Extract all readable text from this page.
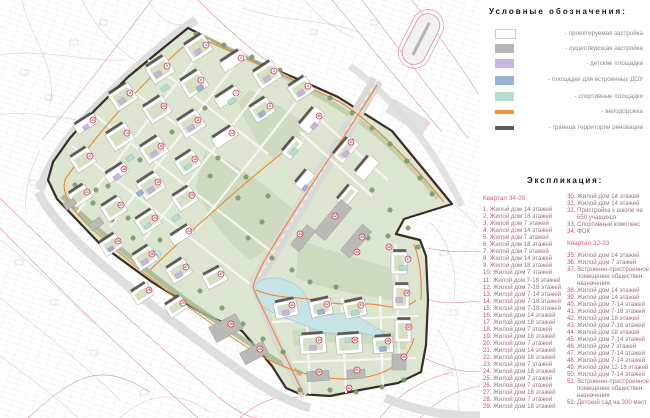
1
2
3
4
5
6
7
8
9
10
11
12
13
14
15
16
17
18
19
20
21
22
23
24
25
26
27
28
29
30
31
32
33
34
35
36
37
38
39
40
41	42	43
44	45	46
47
48
49
50	51
52
Условные обозначения:
- проектируемая застройка
- существующая застройка
- детские площадки
- площадки для встроенных ДОУ
- спортивные площадки
- велодорожка
- граница территории реновации
Экспликация:
Квартал 34-35
1. Жилой дом 14 этажей
2. Жилой дом 18 этажей
3. Жилой дом 7 этажей
4. Жилой дом 14 этажей
5. Жилой дом 7 этажей
6. Жилой дом 18 этажей
7. Жилой дом 7 этажей
8. Жилой дом 14 этажей
9. Жилой дом 18 этажей
10. Жилой дом 7 этажей
11. Жилой дом 7-18 этажей
12. Жилой дом 7-18 этажей
13. Жилой дом 7-14 этажей
14. Жилой дом 7-18 этажей
15. Жилой дом 7-18 этажей
16. Жилой дом 14 этажей
17. Жилой дом 18 этажей
18. Жилой дом 7 этажей
19. Жилой дом 18 этажей
20. Жилой дом 7 этажей
21. Жилой дом 14 этажей
22. Жилой дом 18 этажей
23. Жилой дом 7 этажей
24. Жилой дом 18 этажей
25. Жилой дом 7 этажей
26. Жилой дом 7 этажей
27. Жилой дом 18 этажей
28. Жилой дом 7 этажей
29. Жилой дом 18 этажей
30. Жилой дом 14 этажей
31. Жилой дом 14 этажей
32. Пристройка к школе на 550 учащихся
33. Спортивный комплекс
34. ФОК
Квартал 32-33
35. Жилой дом 14 этажей
36. Жилой дом 7 этажей
37. Встроенно-пристроенное помещение обществен. назначения
38. Жилой дом 14 этажей
39. Жилой дом 14 этажей
40. Жилой дом 7-14 этажей
41. Жилой дом 7-18 этажей
42. Жилой дом 18 этажей
43. Жилой дом 7-18 этажей
44. Жилой дом 18 этажей
45. Жилой дом 7-14 этажей
46. Жилой дом 7 этажей
47. Жилой дом 7-14 этажей
48. Жилой дом 7-14 этажей
49. Жилой дом 12-18 этажей
50. Жилой дом 7-14 этажей
51. Встроенно-пристроенное помещение обществен. назначения
52. Детский сад на 300 мест
